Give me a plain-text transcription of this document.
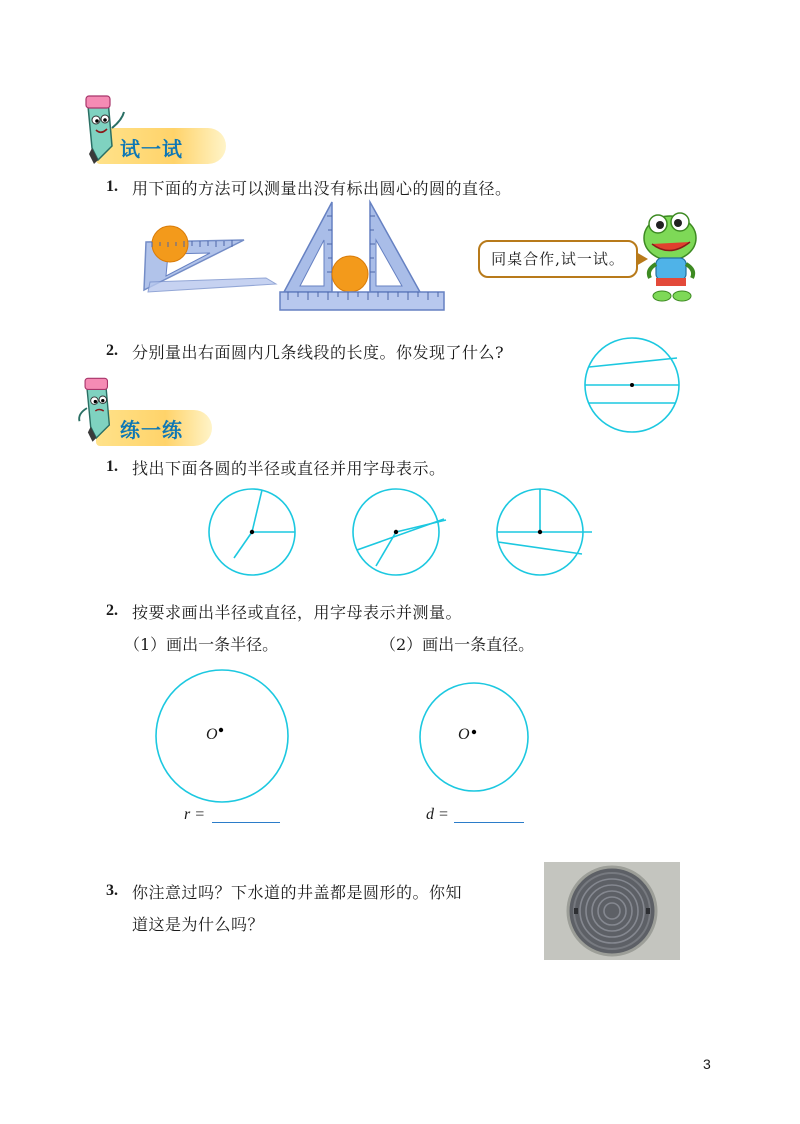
试一试
1. 用下面的方法可以测量出没有标出圆心的圆的直径。
同桌合作,试一试。
2. 分别量出右面圆内几条线段的长度。你发现了什么?
练一练
1. 找出下面各圆的半径或直径并用字母表示。
2. 按要求画出半径或直径，用字母表示并测量。
（1）画出一条半径。	（2）画出一条直径。
O	O
r =	d =
3. 你注意过吗？下水道的井盖都是圆形的。你知
道这是为什么吗？
3
